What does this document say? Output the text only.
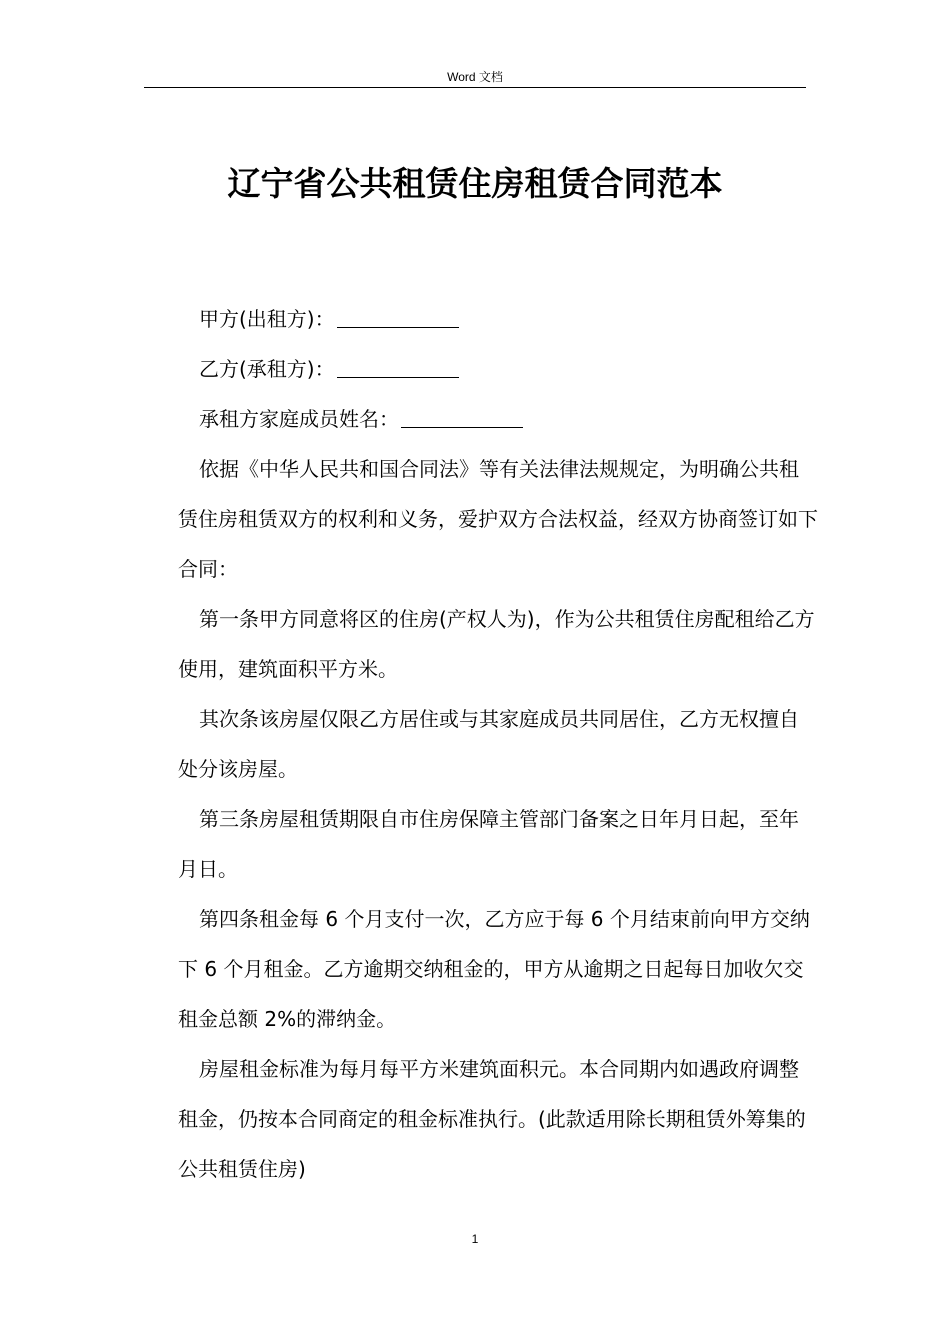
Word 文档
辽宁省公共租赁住房租赁合同范本

甲方(出租方)：

乙方(承租方)：

承租方家庭成员姓名：

依据《中华人民共和国合同法》等有关法律法规规定，为明确公共租赁住房租赁双方的权利和义务，爱护双方合法权益，经双方协商签订如下合同：

第一条甲方同意将区的住房(产权人为)，作为公共租赁住房配租给乙方使用，建筑面积平方米。

其次条该房屋仅限乙方居住或与其家庭成员共同居住，乙方无权擅自处分该房屋。

第三条房屋租赁期限自市住房保障主管部门备案之日年月日起，至年月日。

第四条租金每 6 个月支付一次，乙方应于每 6 个月结束前向甲方交纳下 6 个月租金。乙方逾期交纳租金的，甲方从逾期之日起每日加收欠交租金总额 2%的滞纳金。

房屋租金标准为每月每平方米建筑面积元。本合同期内如遇政府调整租金，仍按本合同商定的租金标准执行。(此款适用除长期租赁外筹集的公共租赁住房)

1
